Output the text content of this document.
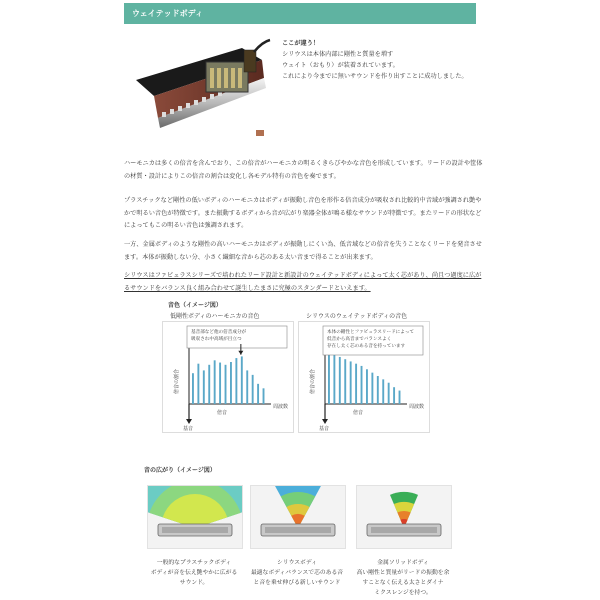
ウェイテッドボディ
ここが違う！
シリウスは本体内部に剛性と質量を増す
ウェイト（おもり）が装着されています。
これにより今までに無いサウンドを作り出すことに成功しました。
ハーモニカは多くの倍音を含んでおり、この倍音がハーモニカの明るくきらびやかな音色を形成しています。リードの設計や筐体の材質・設計によりこの倍音の割合は変化し各モデル特有の音色を奏でます。
プラスチックなど剛性の低いボディのハーモニカはボディが振動し音色を形作る倍音成分が吸収され比較的中音域が強調され艶やかで明るい音色が特徴です。また振動するボディから音が広がり楽器全体が鳴る様なサウンドが特徴です。またリードの形状などによってもこの明るい音色は強調されます。
一方、金属ボディのような剛性の高いハーモニカはボディが振動しにくい為、低音域などの倍音を失うことなくリードを発音させます。本体が振動しない分、小さく繊細な音から芯のある太い音まで得ることが出来ます。
シリウスはファビュラスシリーズで培われたリード設計と新設計のウェイテッドボディによって太く芯があり、尚且つ過度に広がるサウンドをバランス良く組み合わせて誕生したまさに究極のスタンダードといえます。
音色（イメージ図）
低剛性ボディのハーモニカの音色	シリウスのウェイテッドボディの音色
基音部など他の倍音成分が
吸収され中高域が目立つ
倍音の割合
周波数
倍音
基音
本体の剛性とファビュラスリードによって
低音から高音までバランスよく
存在し太く芯のある音を持っています
倍音の割合
周波数
倍音
基音
音の広がり（イメージ図）
一般的なプラスチックボディ
ボディが音を伝え艶やかに広がる
サウンド。
シリウスボディ
最適なボディバランスで芯のある音
と音を乗せ伸びる新しいサウンド
金属ソリッドボディ
高い剛性と質量がリードの振動を余
すことなく伝える太さとダイナ
ミクスレンジを持つ。
